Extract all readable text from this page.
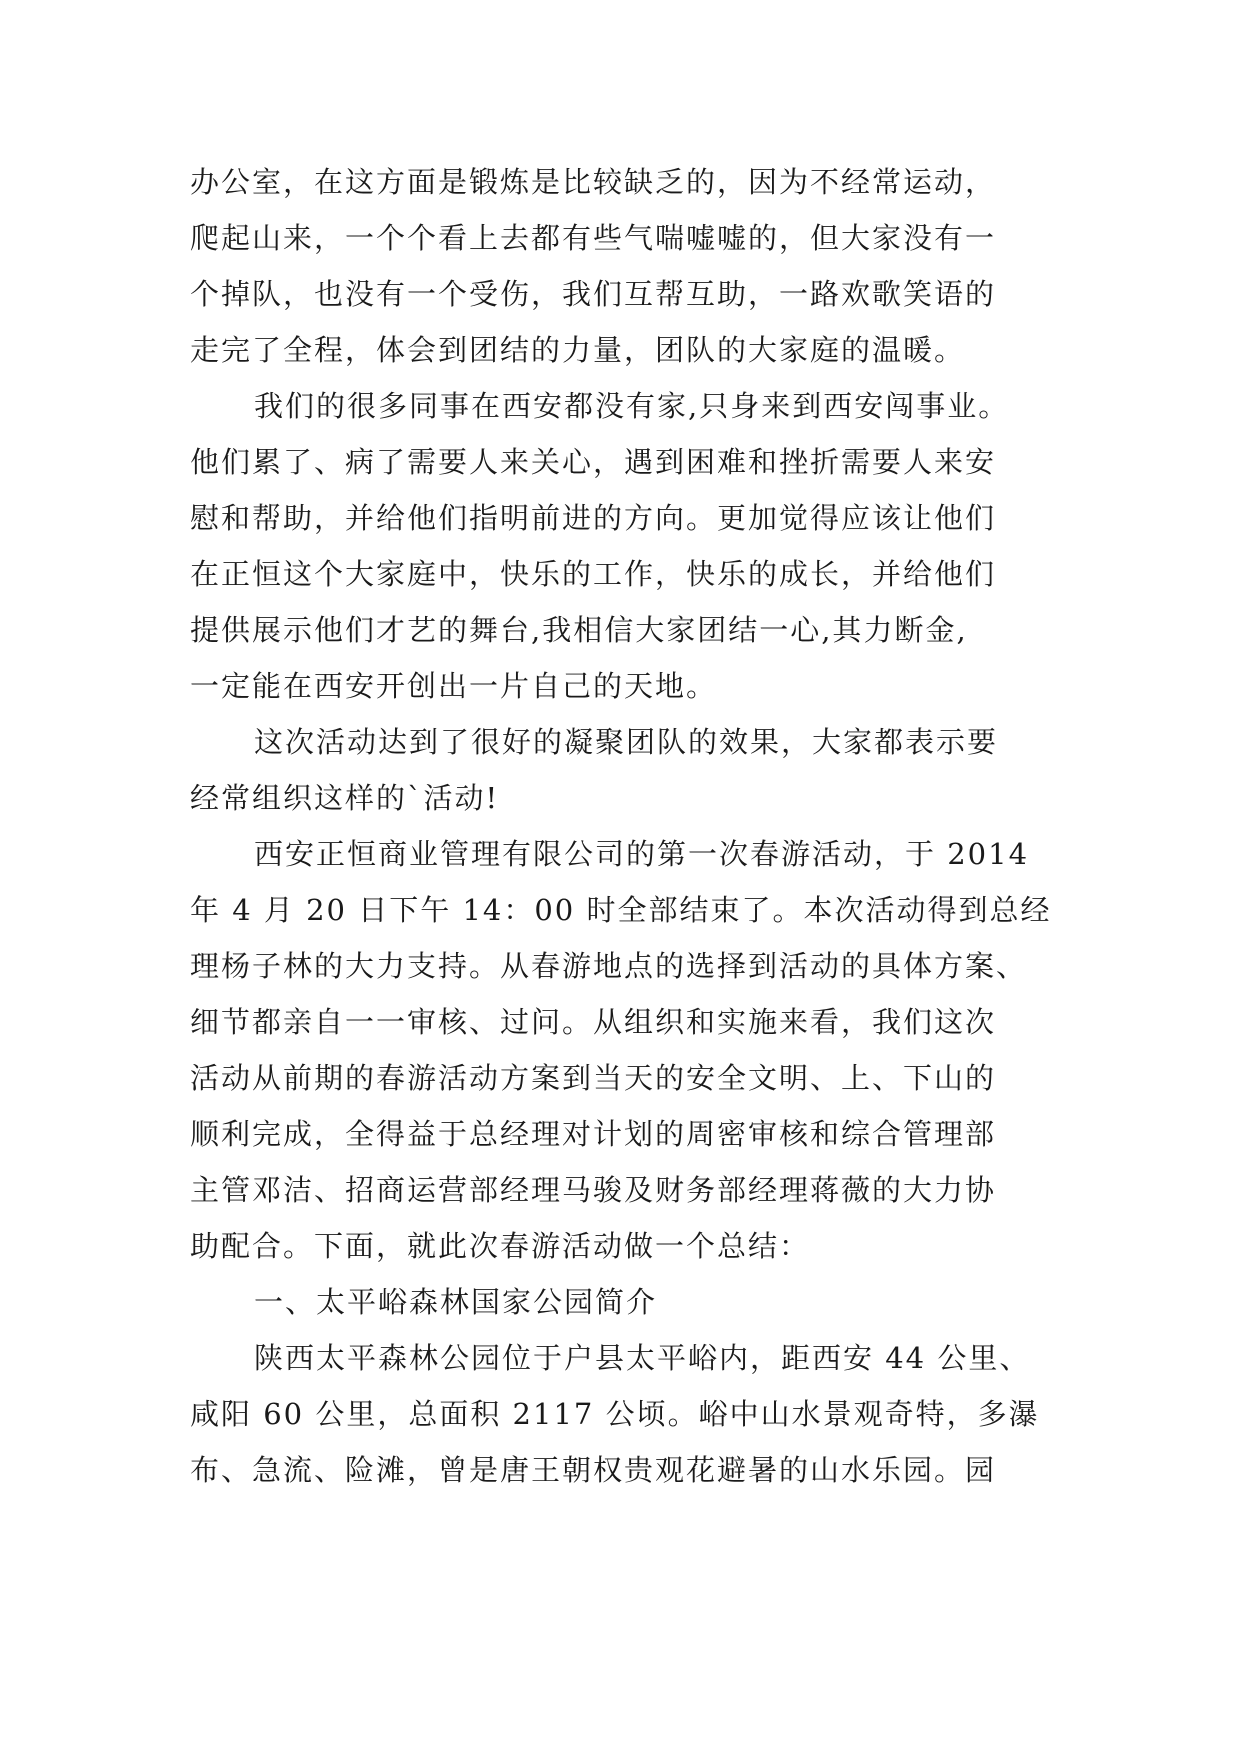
办公室，在这方面是锻炼是比较缺乏的，因为不经常运动，
爬起山来，一个个看上去都有些气喘嘘嘘的，但大家没有一
个掉队，也没有一个受伤，我们互帮互助，一路欢歌笑语的
走完了全程，体会到团结的力量，团队的大家庭的温暖。
我们的很多同事在西安都没有家,只身来到西安闯事业。
他们累了、病了需要人来关心，遇到困难和挫折需要人来安
慰和帮助，并给他们指明前进的方向。更加觉得应该让他们
在正恒这个大家庭中，快乐的工作，快乐的成长，并给他们
提供展示他们才艺的舞台,我相信大家团结一心,其力断金,
一定能在西安开创出一片自己的天地。
这次活动达到了很好的凝聚团队的效果，大家都表示要
经常组织这样的`活动!
西安正恒商业管理有限公司的第一次春游活动，于 2014
年 4 月 20 日下午 14：00 时全部结束了。本次活动得到总经
理杨子林的大力支持。从春游地点的选择到活动的具体方案、
细节都亲自一一审核、过问。从组织和实施来看，我们这次
活动从前期的春游活动方案到当天的安全文明、上、下山的
顺利完成，全得益于总经理对计划的周密审核和综合管理部
主管邓洁、招商运营部经理马骏及财务部经理蒋薇的大力协
助配合。下面，就此次春游活动做一个总结：
一、太平峪森林国家公园简介
陕西太平森林公园位于户县太平峪内，距西安 44 公里、
咸阳 60 公里，总面积 2117 公顷。峪中山水景观奇特，多瀑
布、急流、险滩，曾是唐王朝权贵观花避暑的山水乐园。园
